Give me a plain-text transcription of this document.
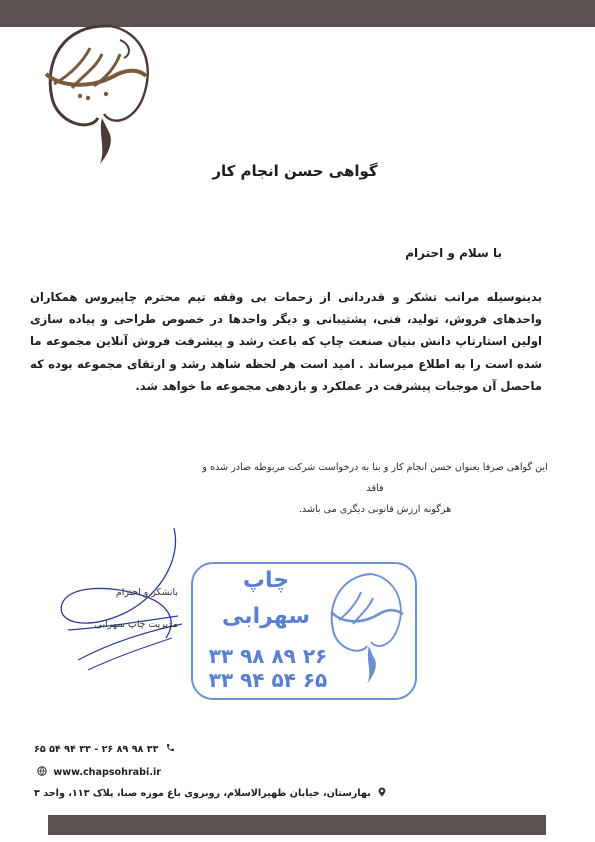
گواهی حسن انجام کار
با سلام و احترام
بدینوسیله مراتب تشکر و قدردانی از زحمات بی وقفه تیم محترم چاپیروس همکاران واحدهای فروش، تولید، فنی، پشتیبانی و دیگر واحدها در خصوص طراحی و پیاده سازی اولین استارتاپ دانش بنیان صنعت چاپ که باعث رشد و پیشرفت فروش آنلاین مجموعه ما شده است را به اطلاع میرساند . امید است هر لحظه شاهد رشد و ارتقای مجموعه بوده که ماحصل آن موجبات پیشرفت در عملکرد و بازدهی مجموعه ما خواهد شد.
این گواهی صرفا بعنوان حسن انجام کار و بنا به درخواست شرکت مربوطه صادر شده و فاقد
هرگونه ارزش قانونی دیگری می باشد.
باتشکر و احترام
مدیریت چاپ سهرابی
چاپ
سهرابی
۳۳ ۹۸ ۸۹ ۲۶
۳۳ ۹۴ ۵۴ ۶۵
۳۳ ۹۸ ۸۹ ۲۶ - ۳۳ ۹۴ ۵۴ ۶۵
www.chapsohrabi.ir
بهارستان، خیابان ظهیرالاسلام، روبروی باغ موزه صبا، پلاک ۱۱۳، واحد ۳
